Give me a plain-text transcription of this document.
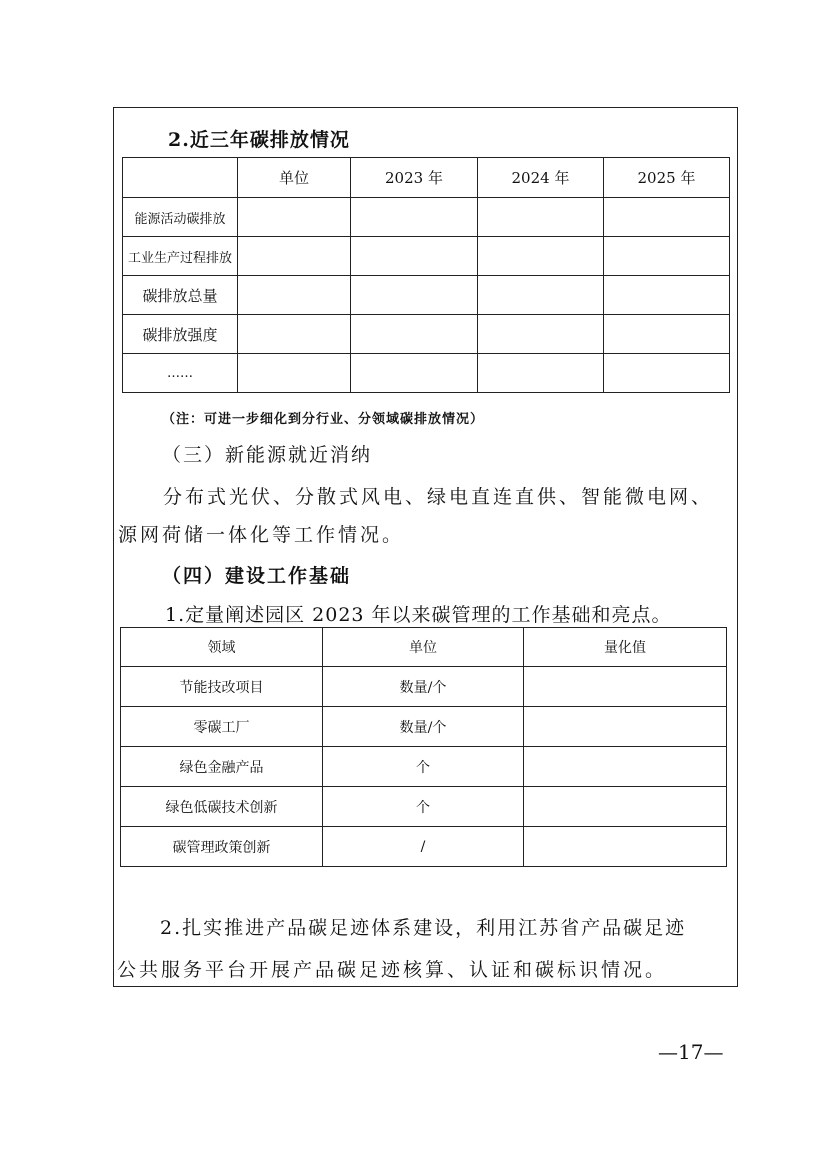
2.近三年碳排放情况
	单位	2023 年	2024 年	2025 年
能源活动碳排放				
工业生产过程排放				
碳排放总量				
碳排放强度				
……				
（注：可进一步细化到分行业、分领域碳排放情况）
（三）新能源就近消纳
分布式光伏、分散式风电、绿电直连直供、智能微电网、
源网荷储一体化等工作情况。
（四）建设工作基础
1.定量阐述园区 2023 年以来碳管理的工作基础和亮点。
领域	单位	量化值
节能技改项目	数量/个	
零碳工厂	数量/个	
绿色金融产品	个	
绿色低碳技术创新	个	
碳管理政策创新	/	
2.扎实推进产品碳足迹体系建设，利用江苏省产品碳足迹
公共服务平台开展产品碳足迹核算、认证和碳标识情况。
—17—
